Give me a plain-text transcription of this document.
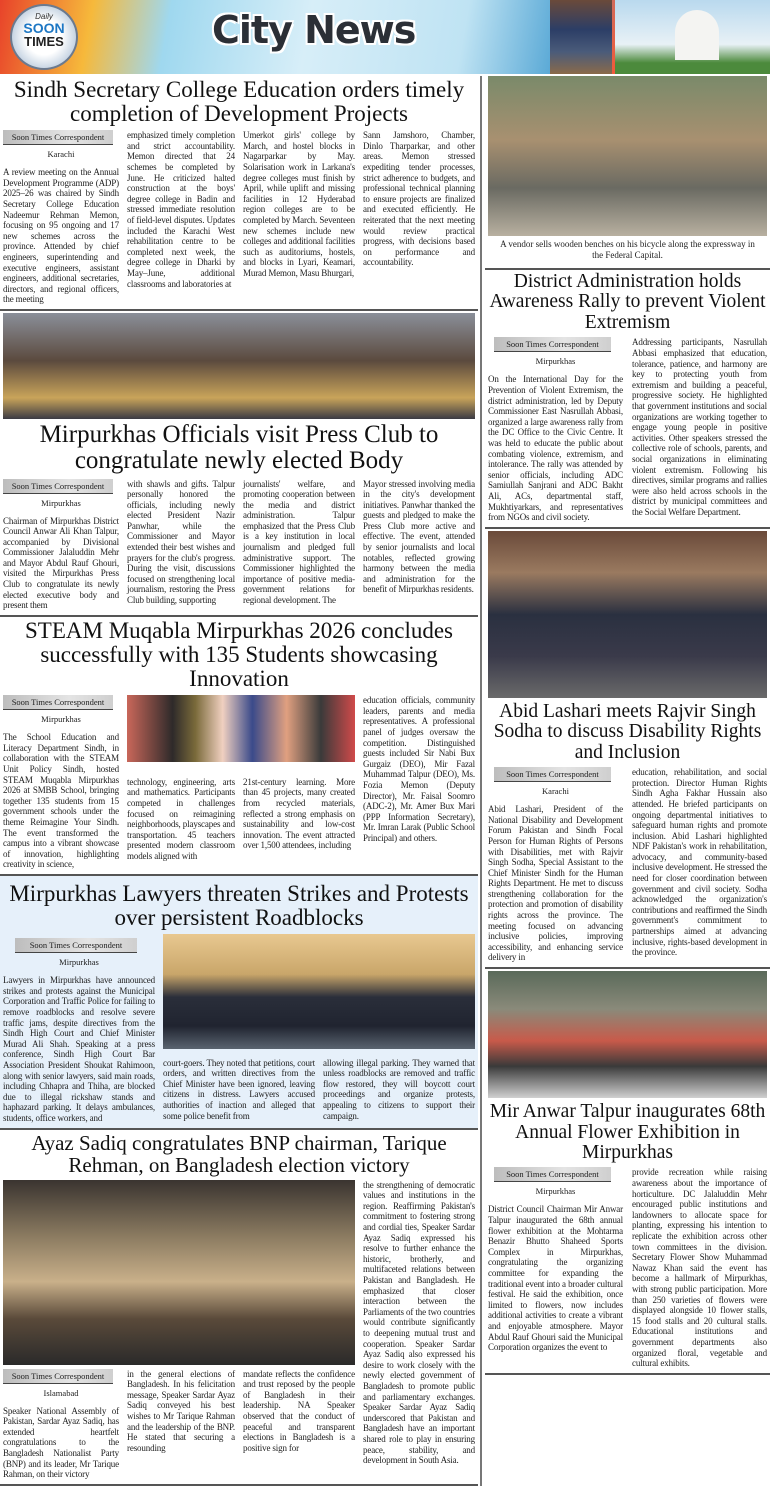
Daily
SOON
TIMES	City News
Sindh Secretary College Education orders timely completion of Development Projects
Soon Times Correspondent
Karachi
A review meeting on the Annual Development Programme (ADP) 2025–26 was chaired by Sindh Secretary College Education Nadeemur Rehman Memon, focusing on 95 ongoing and 17 new schemes across the province. Attended by chief engineers, superintending and executive engineers, assistant engineers, additional secretaries, directors, and regional officers, the meeting
emphasized timely completion and strict accountability. Memon directed that 24 schemes be completed by June. He criticized halted construction at the boys' degree college in Badin and stressed immediate resolution of field-level disputes. Updates included the Karachi West rehabilitation centre to be completed next week, the degree college in Dharki by May–June, additional classrooms and laboratories at
Umerkot girls' college by March, and hostel blocks in Nagarparkar by May. Solarisation work in Larkana's degree colleges must finish by April, while uplift and missing facilities in 12 Hyderabad region colleges are to be completed by March. Seventeen new schemes include new colleges and additional facilities such as auditoriums, hostels, and blocks in Lyari, Keamari, Murad Memon, Masu Bhurgari,
Sann Jamshoro, Chamber, Dinlo Tharparkar, and other areas. Memon stressed expediting tender processes, strict adherence to budgets, and professional technical planning to ensure projects are finalized and executed efficiently. He reiterated that the next meeting would review practical progress, with decisions based on performance and accountability.
Mirpurkhas Officials visit Press Club to congratulate newly elected Body
Soon Times Correspondent
Mirpurkhas
Chairman of Mirpurkhas District Council Anwar Ali Khan Talpur, accompanied by Divisional Commissioner Jalaluddin Mehr and Mayor Abdul Rauf Ghouri, visited the Mirpurkhas Press Club to congratulate its newly elected executive body and present them
with shawls and gifts. Talpur personally honored the officials, including newly elected President Nazir Panwhar, while the Commissioner and Mayor extended their best wishes and prayers for the club's progress. During the visit, discussions focused on strengthening local journalism, restoring the Press Club building, supporting
journalists' welfare, and promoting cooperation between the media and district administration. Talpur emphasized that the Press Club is a key institution in local journalism and pledged full administrative support. The Commissioner highlighted the importance of positive media-government relations for regional development. The
Mayor stressed involving media in the city's development initiatives. Panwhar thanked the guests and pledged to make the Press Club more active and effective. The event, attended by senior journalists and local notables, reflected growing harmony between the media and administration for the benefit of Mirpurkhas residents.
STEAM Muqabla Mirpurkhas 2026 concludes
successfully with 135 Students showcasing Innovation
Soon Times Correspondent
Mirpurkhas
The School Education and Literacy Department Sindh, in collaboration with the STEAM Unit Policy Sindh, hosted STEAM Muqabla Mirpurkhas 2026 at SMBB School, bringing together 135 students from 15 government schools under the theme Reimagine Your Sindh. The event transformed the campus into a vibrant showcase of innovation, highlighting creativity in science,
technology, engineering, arts and mathematics. Participants competed in challenges focused on reimagining neighborhoods, playscapes and transportation. 45 teachers presented modern classroom models aligned with
21st-century learning. More than 45 projects, many created from recycled materials, reflected a strong emphasis on sustainability and low-cost innovation. The event attracted over 1,500 attendees, including
education officials, community leaders, parents and media representatives. A professional panel of judges oversaw the competition. Distinguished guests included Sir Nabi Bux Gurgaiz (DEO), Mir Fazal Muhammad Talpur (DEO), Ms. Fozia Memon (Deputy Director), Mr. Faisal Soomro (ADC-2), Mr. Amer Bux Mari (PPP Information Secretary), Mr. Imran Larak (Public School Principal) and others.
Mirpurkhas Lawyers threaten Strikes and Protests over persistent Roadblocks
Soon Times Correspondent
Mirpurkhas
Lawyers in Mirpurkhas have announced strikes and protests against the Municipal Corporation and Traffic Police for failing to remove roadblocks and resolve severe traffic jams, despite directives from the Sindh High Court and Chief Minister Murad Ali Shah. Speaking at a press conference, Sindh High Court Bar Association President Shoukat Rahimoon, along with senior lawyers, said main roads, including Chhapra and Thiha, are blocked due to illegal rickshaw stands and haphazard parking. It delays ambulances, students, office workers, and
court-goers. They noted that petitions, court orders, and written directives from the Chief Minister have been ignored, leaving citizens in distress. Lawyers accused authorities of inaction and alleged that some police benefit from
allowing illegal parking. They warned that unless roadblocks are removed and traffic flow restored, they will boycott court proceedings and organize protests, appealing to citizens to support their campaign.
Ayaz Sadiq congratulates BNP chairman, Tarique Rehman, on Bangladesh election victory
the strengthening of democratic values and institutions in the region. Reaffirming Pakistan's commitment to fostering strong and cordial ties, Speaker Sardar Ayaz Sadiq expressed his resolve to further enhance the historic, brotherly, and multifaceted relations between Pakistan and Bangladesh. He emphasized that closer interaction between the Parliaments of the two countries would contribute significantly to deepening mutual trust and cooperation. Speaker Sardar Ayaz Sadiq also expressed his desire to work closely with the newly elected government of Bangladesh to promote public and parliamentary exchanges. Speaker Sardar Ayaz Sadiq underscored that Pakistan and Bangladesh have an important shared role to play in ensuring peace, stability, and development in South Asia.
Soon Times Correspondent
Islamabad
Speaker National Assembly of Pakistan, Sardar Ayaz Sadiq, has extended heartfelt congratulations to the Bangladesh Nationalist Party (BNP) and its leader, Mr Tarique Rahman, on their victory
in the general elections of Bangladesh. In his felicitation message, Speaker Sardar Ayaz Sadiq conveyed his best wishes to Mr Tarique Rahman and the leadership of the BNP. He stated that securing a resounding
mandate reflects the confidence and trust reposed by the people of Bangladesh in their leadership. NA Speaker observed that the conduct of peaceful and transparent elections in Bangladesh is a positive sign for
A vendor sells wooden benches on his bicycle along the expressway in the Federal Capital.
District Administration holds Awareness Rally to prevent Violent Extremism
Soon Times Correspondent
Mirpurkhas
On the International Day for the Prevention of Violent Extremism, the district administration, led by Deputy Commissioner East Nasrullah Abbasi, organized a large awareness rally from the DC Office to the Civic Centre. It was held to educate the public about combating violence, extremism, and intolerance. The rally was attended by senior officials, including ADC Samiullah Sanjrani and ADC Bakht Ali, ACs, departmental staff, Mukhtiyarkars, and representatives from NGOs and civil society.
Addressing participants, Nasrullah Abbasi emphasized that education, tolerance, patience, and harmony are key to protecting youth from extremism and building a peaceful, progressive society. He highlighted that government institutions and social organizations are working together to engage young people in positive activities. Other speakers stressed the collective role of schools, parents, and social organizations in eliminating violent extremism. Following his directives, similar programs and rallies were also held across schools in the district by municipal committees and the Social Welfare Department.
Abid Lashari meets Rajvir Singh Sodha to discuss Disability Rights and Inclusion
Soon Times Correspondent
Karachi
Abid Lashari, President of the National Disability and Development Forum Pakistan and Sindh Focal Person for Human Rights of Persons with Disabilities, met with Rajvir Singh Sodha, Special Assistant to the Chief Minister Sindh for the Human Rights Department. He met to discuss strengthening collaboration for the protection and promotion of disability rights across the province. The meeting focused on advancing inclusive policies, improving accessibility, and enhancing service delivery in
education, rehabilitation, and social protection. Director Human Rights Sindh Agha Fakhar Hussain also attended. He briefed participants on ongoing departmental initiatives to safeguard human rights and promote inclusion. Abid Lashari highlighted NDF Pakistan's work in rehabilitation, advocacy, and community-based inclusive development. He stressed the need for closer coordination between government and civil society. Sodha acknowledged the organization's contributions and reaffirmed the Sindh government's commitment to partnerships aimed at advancing inclusive, rights-based development in the province.
Mir Anwar Talpur inaugurates 68th Annual Flower Exhibition in Mirpurkhas
Soon Times Correspondent
Mirpurkhas
District Council Chairman Mir Anwar Talpur inaugurated the 68th annual flower exhibition at the Mohtarma Benazir Bhutto Shaheed Sports Complex in Mirpurkhas, congratulating the organizing committee for expanding the traditional event into a broader cultural festival. He said the exhibition, once limited to flowers, now includes additional activities to create a vibrant and enjoyable atmosphere. Mayor Abdul Rauf Ghouri said the Municipal Corporation organizes the event to
provide recreation while raising awareness about the importance of horticulture. DC Jalaluddin Mehr encouraged public institutions and landowners to allocate space for planting, expressing his intention to replicate the exhibition across other town committees in the division. Secretary Flower Show Muhammad Nawaz Khan said the event has become a hallmark of Mirpurkhas, with strong public participation. More than 250 varieties of flowers were displayed alongside 10 flower stalls, 15 food stalls and 20 cultural stalls. Educational institutions and government departments also organized floral, vegetable and cultural exhibits.
